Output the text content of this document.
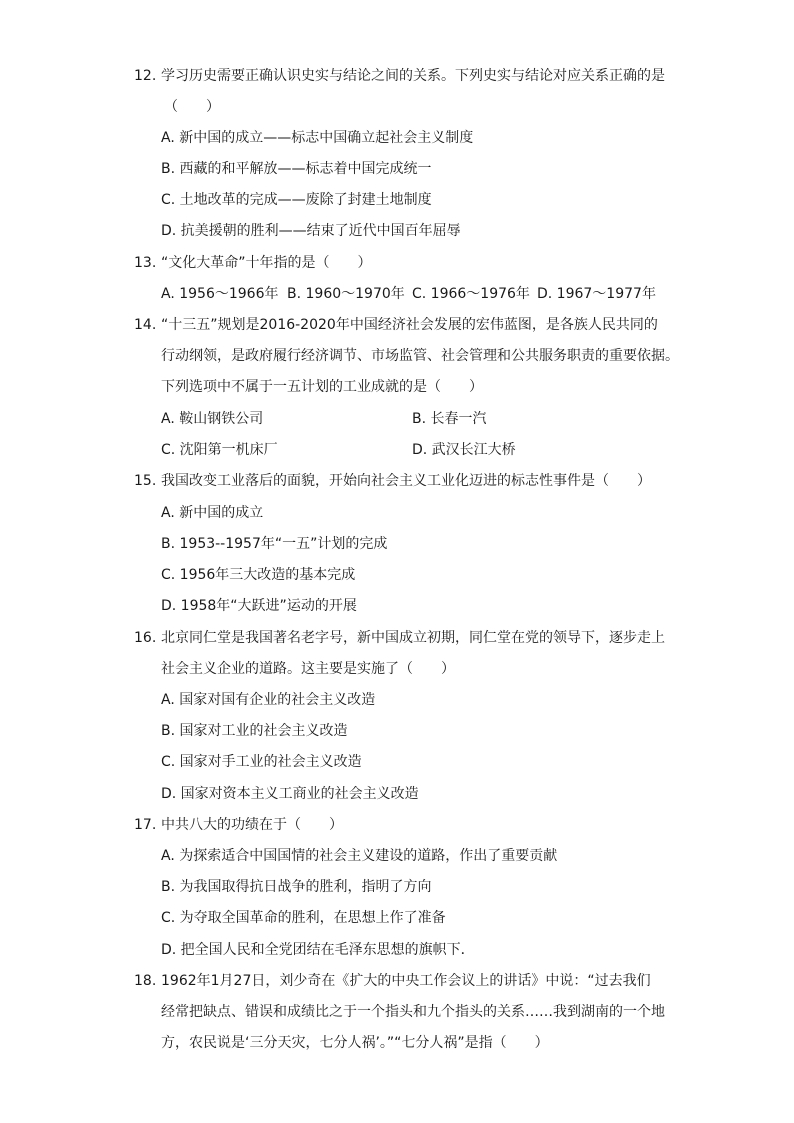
12. 学习历史需要正确认识史实与结论之间的关系。下列史实与结论对应关系正确的是
（　　）
A. 新中国的成立——标志中国确立起社会主义制度
B. 西藏的和平解放——标志着中国完成统一
C. 土地改革的完成——废除了封建土地制度
D. 抗美援朝的胜利——结束了近代中国百年屈辱
13. “文化大革命”十年指的是（　　）
A. 1956～1966年 B. 1960～1970年 C. 1966～1976年 D. 1967～1977年
14. “十三五”规划是2016-2020年中国经济社会发展的宏伟蓝图，是各族人民共同的
行动纲领，是政府履行经济调节、市场监管、社会管理和公共服务职责的重要依据。
下列选项中不属于一五计划的工业成就的是（　　）
A. 鞍山钢铁公司	B. 长春一汽
C. 沈阳第一机床厂	D. 武汉长江大桥
15. 我国改变工业落后的面貌，开始向社会主义工业化迈进的标志性事件是（　　）
A. 新中国的成立
B. 1953--1957年“一五”计划的完成
C. 1956年三大改造的基本完成
D. 1958年“大跃进”运动的开展
16. 北京同仁堂是我国著名老字号，新中国成立初期，同仁堂在党的领导下，逐步走上
社会主义企业的道路。这主要是实施了（　　）
A. 国家对国有企业的社会主义改造
B. 国家对工业的社会主义改造
C. 国家对手工业的社会主义改造
D. 国家对资本主义工商业的社会主义改造
17. 中共八大的功绩在于（　　）
A. 为探索适合中国国情的社会主义建设的道路，作出了重要贡献
B. 为我国取得抗日战争的胜利，指明了方向
C. 为夺取全国革命的胜利，在思想上作了准备
D. 把全国人民和全党团结在毛泽东思想的旗帜下．
18. 1962年1月27日，刘少奇在《扩大的中央工作会议上的讲话》中说：“过去我们
经常把缺点、错误和成绩比之于一个指头和九个指头的关系……我到湖南的一个地
方，农民说是‘三分天灾，七分人祸’。”“七分人祸”是指（　　）
